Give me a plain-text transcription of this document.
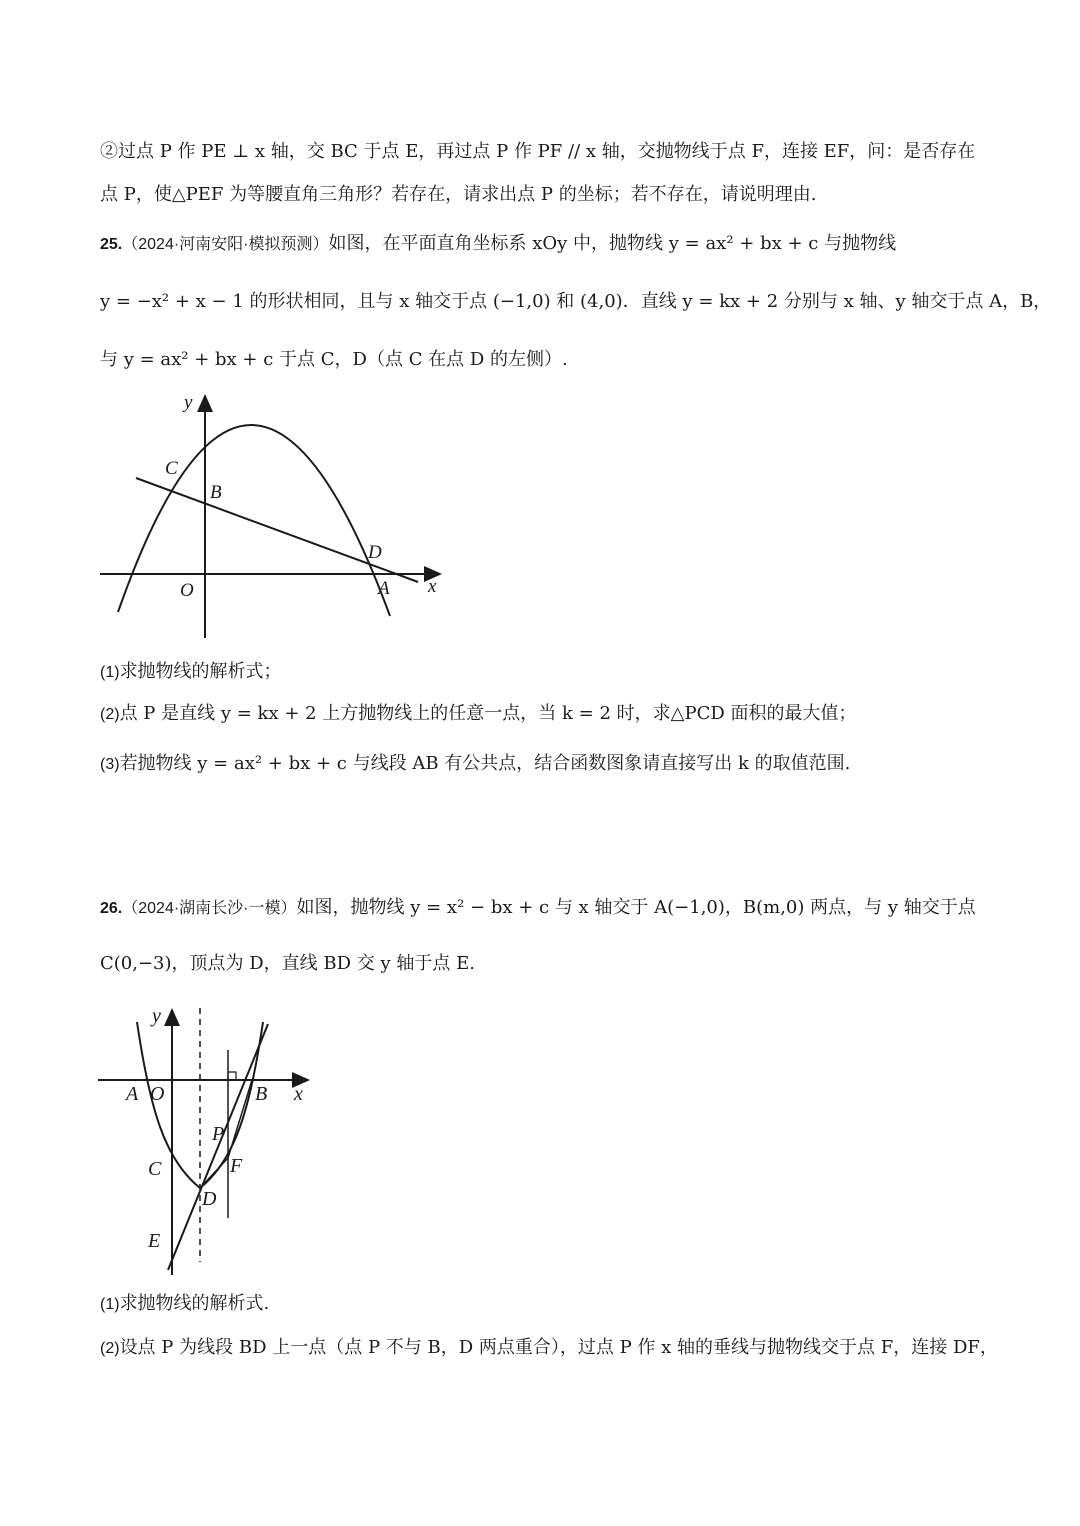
②过点 P 作 PE ⊥ x 轴，交 BC 于点 E，再过点 P 作 PF // x 轴，交抛物线于点 F，连接 EF，问：是否存在
点 P，使△PEF 为等腰直角三角形？若存在，请求出点 P 的坐标；若不存在，请说明理由.
25.（2024·河南安阳·模拟预测）如图，在平面直角坐标系 xOy 中，抛物线 y = ax² + bx + c 与抛物线
y = −x² + x − 1 的形状相同，且与 x 轴交于点 (−1,0) 和 (4,0)．直线 y = kx + 2 分别与 x 轴、y 轴交于点 A，B，
与 y = ax² + bx + c 于点 C，D（点 C 在点 D 的左侧）.
y
C
B
D
O	A x
(1)求抛物线的解析式；
(2)点 P 是直线 y = kx + 2 上方抛物线上的任意一点，当 k = 2 时，求△PCD 面积的最大值；
(3)若抛物线 y = ax² + bx + c 与线段 AB 有公共点，结合函数图象请直接写出 k 的取值范围.
26.（2024·湖南长沙·一模）如图，抛物线 y = x² − bx + c 与 x 轴交于 A(−1,0)，B(m,0) 两点，与 y 轴交于点
C(0,−3)，顶点为 D，直线 BD 交 y 轴于点 E.
y
A O	B x
P
C	F
D
E
(1)求抛物线的解析式.
(2)设点 P 为线段 BD 上一点（点 P 不与 B，D 两点重合），过点 P 作 x 轴的垂线与抛物线交于点 F，连接 DF，
